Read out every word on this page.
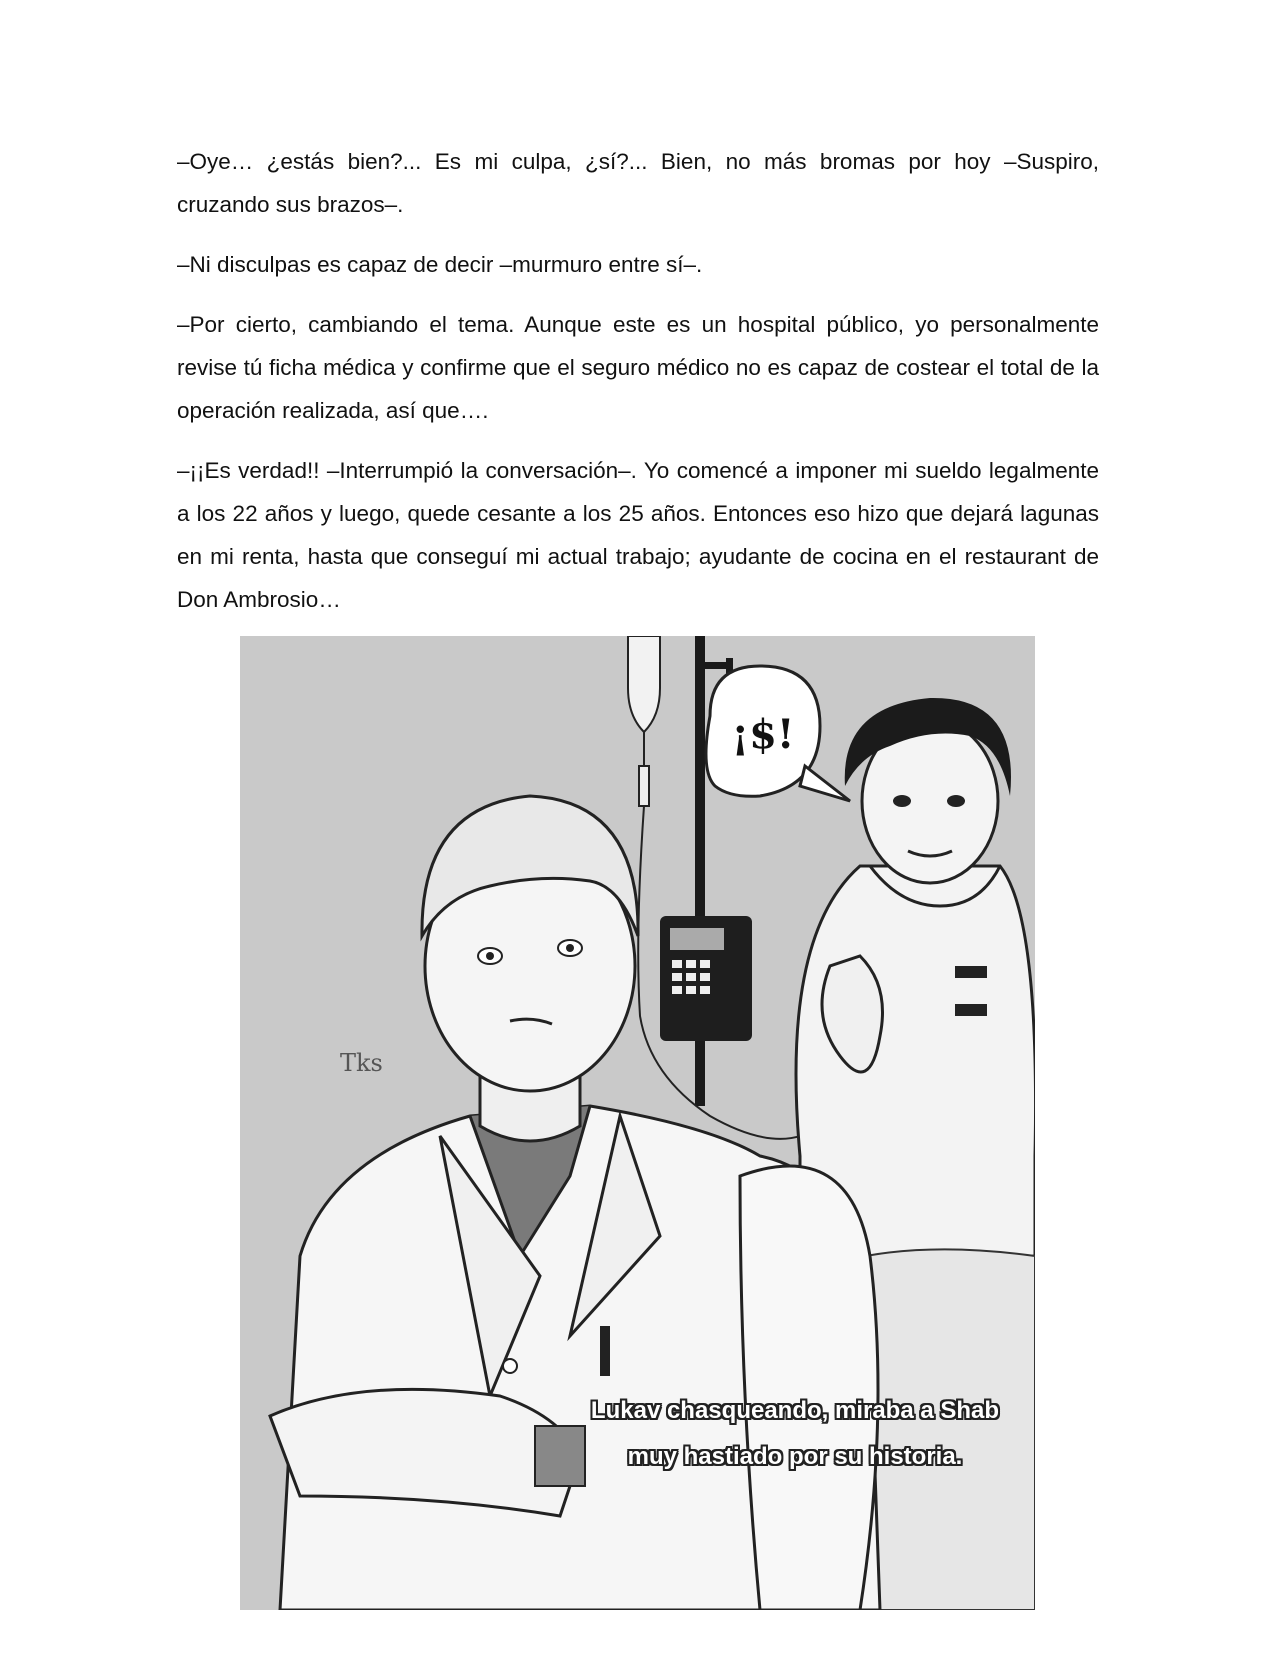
–Oye… ¿estás bien?... Es mi culpa, ¿sí?... Bien, no más bromas por hoy –Suspiro, cruzando sus brazos–.

–Ni disculpas es capaz de decir –murmuro entre sí–.

–Por cierto, cambiando el tema. Aunque este es un hospital público, yo personalmente revise tú ficha médica y confirme que el seguro médico no es capaz de costear el total de la operación realizada, así que….

–¡¡Es verdad!! –Interrumpió la conversación–. Yo comencé a imponer mi sueldo legalmente a los 22 años y luego, quede cesante a los 25 años. Entonces eso hizo que dejará lagunas en mi renta, hasta que conseguí mi actual trabajo; ayudante de cocina en el restaurant de Don Ambrosio…

¡$!
Tks
Lukav chasqueando, miraba a Shab
muy hastiado por su historia.
